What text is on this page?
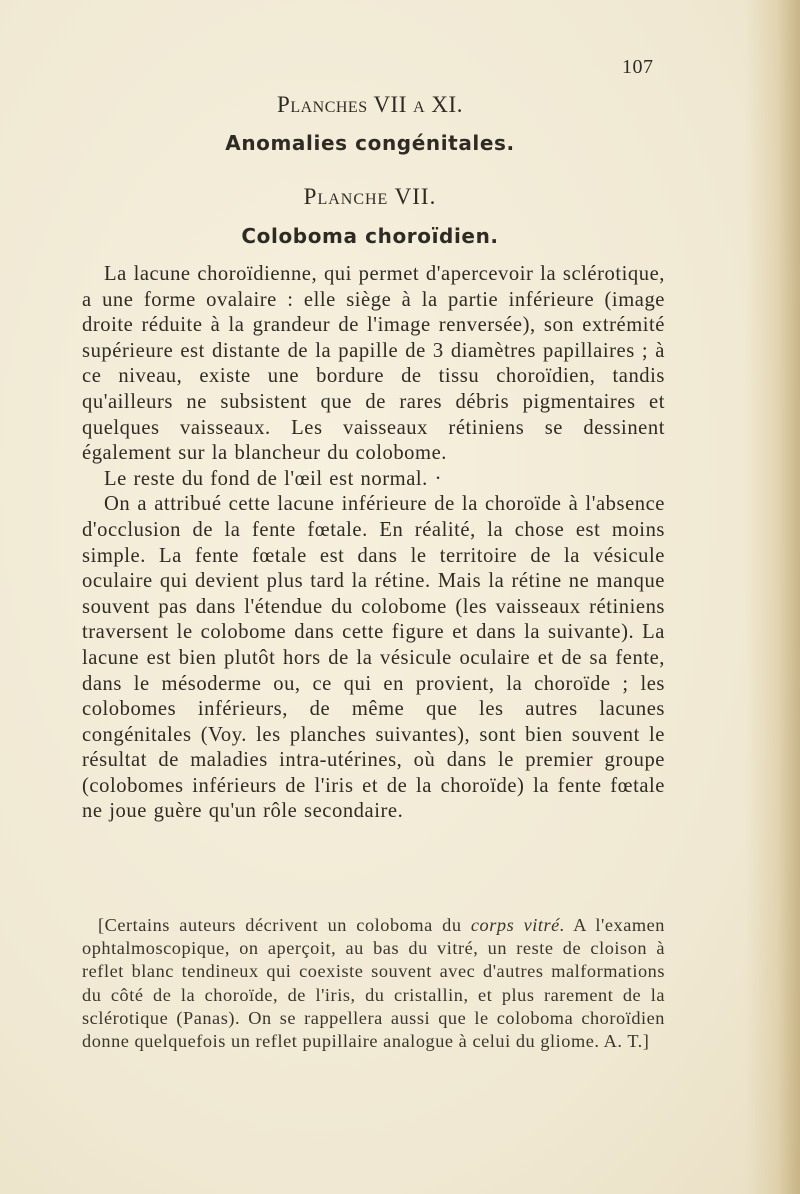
107
Planches VII a XI.
Anomalies congénitales.
Planche VII.
Coloboma choroïdien.

La lacune choroïdienne, qui permet d'apercevoir la sclérotique, a une forme ovalaire : elle siège à la partie inférieure (image droite réduite à la grandeur de l'image renversée), son extrémité supérieure est distante de la papille de 3 diamètres papillaires ; à ce niveau, existe une bordure de tissu choroïdien, tandis qu'ailleurs ne subsistent que de rares débris pigmentaires et quelques vaisseaux. Les vaisseaux rétiniens se dessinent également sur la blancheur du colobome.

Le reste du fond de l'œil est normal. ·

On a attribué cette lacune inférieure de la choroïde à l'absence d'occlusion de la fente fœtale. En réalité, la chose est moins simple. La fente fœtale est dans le territoire de la vésicule oculaire qui devient plus tard la rétine. Mais la rétine ne manque souvent pas dans l'étendue du colobome (les vaisseaux rétiniens traversent le colobome dans cette figure et dans la suivante). La lacune est bien plutôt hors de la vésicule oculaire et de sa fente, dans le mésoderme ou, ce qui en provient, la choroïde ; les colobomes inférieurs, de même que les autres lacunes congénitales (Voy. les planches suivantes), sont bien souvent le résultat de maladies intra-utérines, où dans le premier groupe (colobomes inférieurs de l'iris et de la choroïde) la fente fœtale ne joue guère qu'un rôle secondaire.

[Certains auteurs décrivent un coloboma du corps vitré. A l'examen ophtalmoscopique, on aperçoit, au bas du vitré, un reste de cloison à reflet blanc tendineux qui coexiste souvent avec d'autres malformations du côté de la choroïde, de l'iris, du cristallin, et plus rarement de la sclérotique (Panas). On se rappellera aussi que le coloboma choroïdien donne quelquefois un reflet pupillaire analogue à celui du gliome. A. T.]
